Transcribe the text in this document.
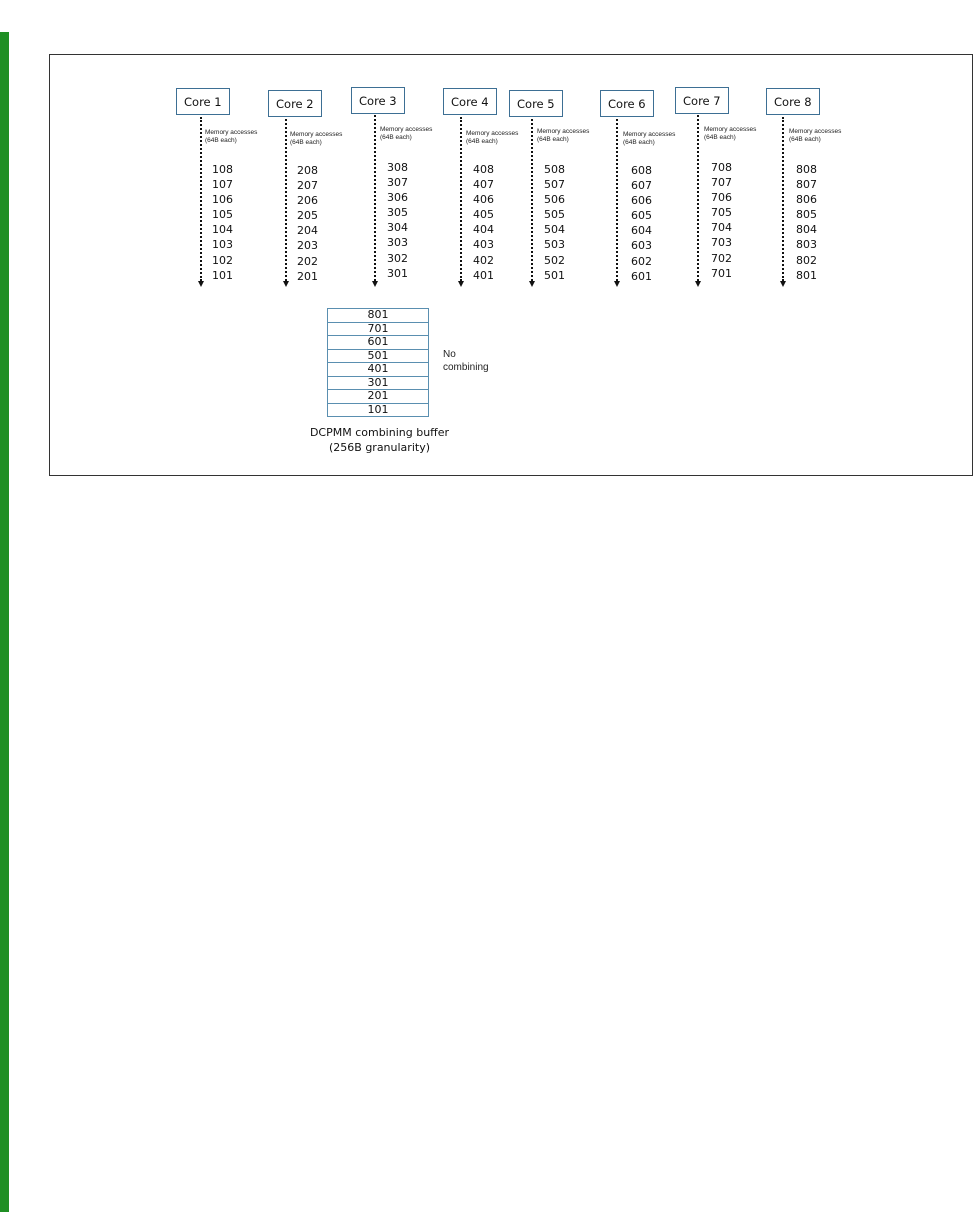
Core 1
Memory accesses
(64B each)
108
107
106
105
104
103
102
101
Core 2
Memory accesses
(64B each)
208
207
206
205
204
203
202
201
Core 3
Memory accesses
(64B each)
308
307
306
305
304
303
302
301
Core 4
Memory accesses
(64B each)
408
407
406
405
404
403
402
401
Core 5
Memory accesses
(64B each)
508
507
506
505
504
503
502
501
Core 6
Memory accesses
(64B each)
608
607
606
605
604
603
602
601
Core 7
Memory accesses
(64B each)
708
707
706
705
704
703
702
701
Core 8
Memory accesses
(64B each)
808
807
806
805
804
803
802
801
801
701
601
501
401
301
201
101
No
combining
DCPMM combining buffer
(256B granularity)
